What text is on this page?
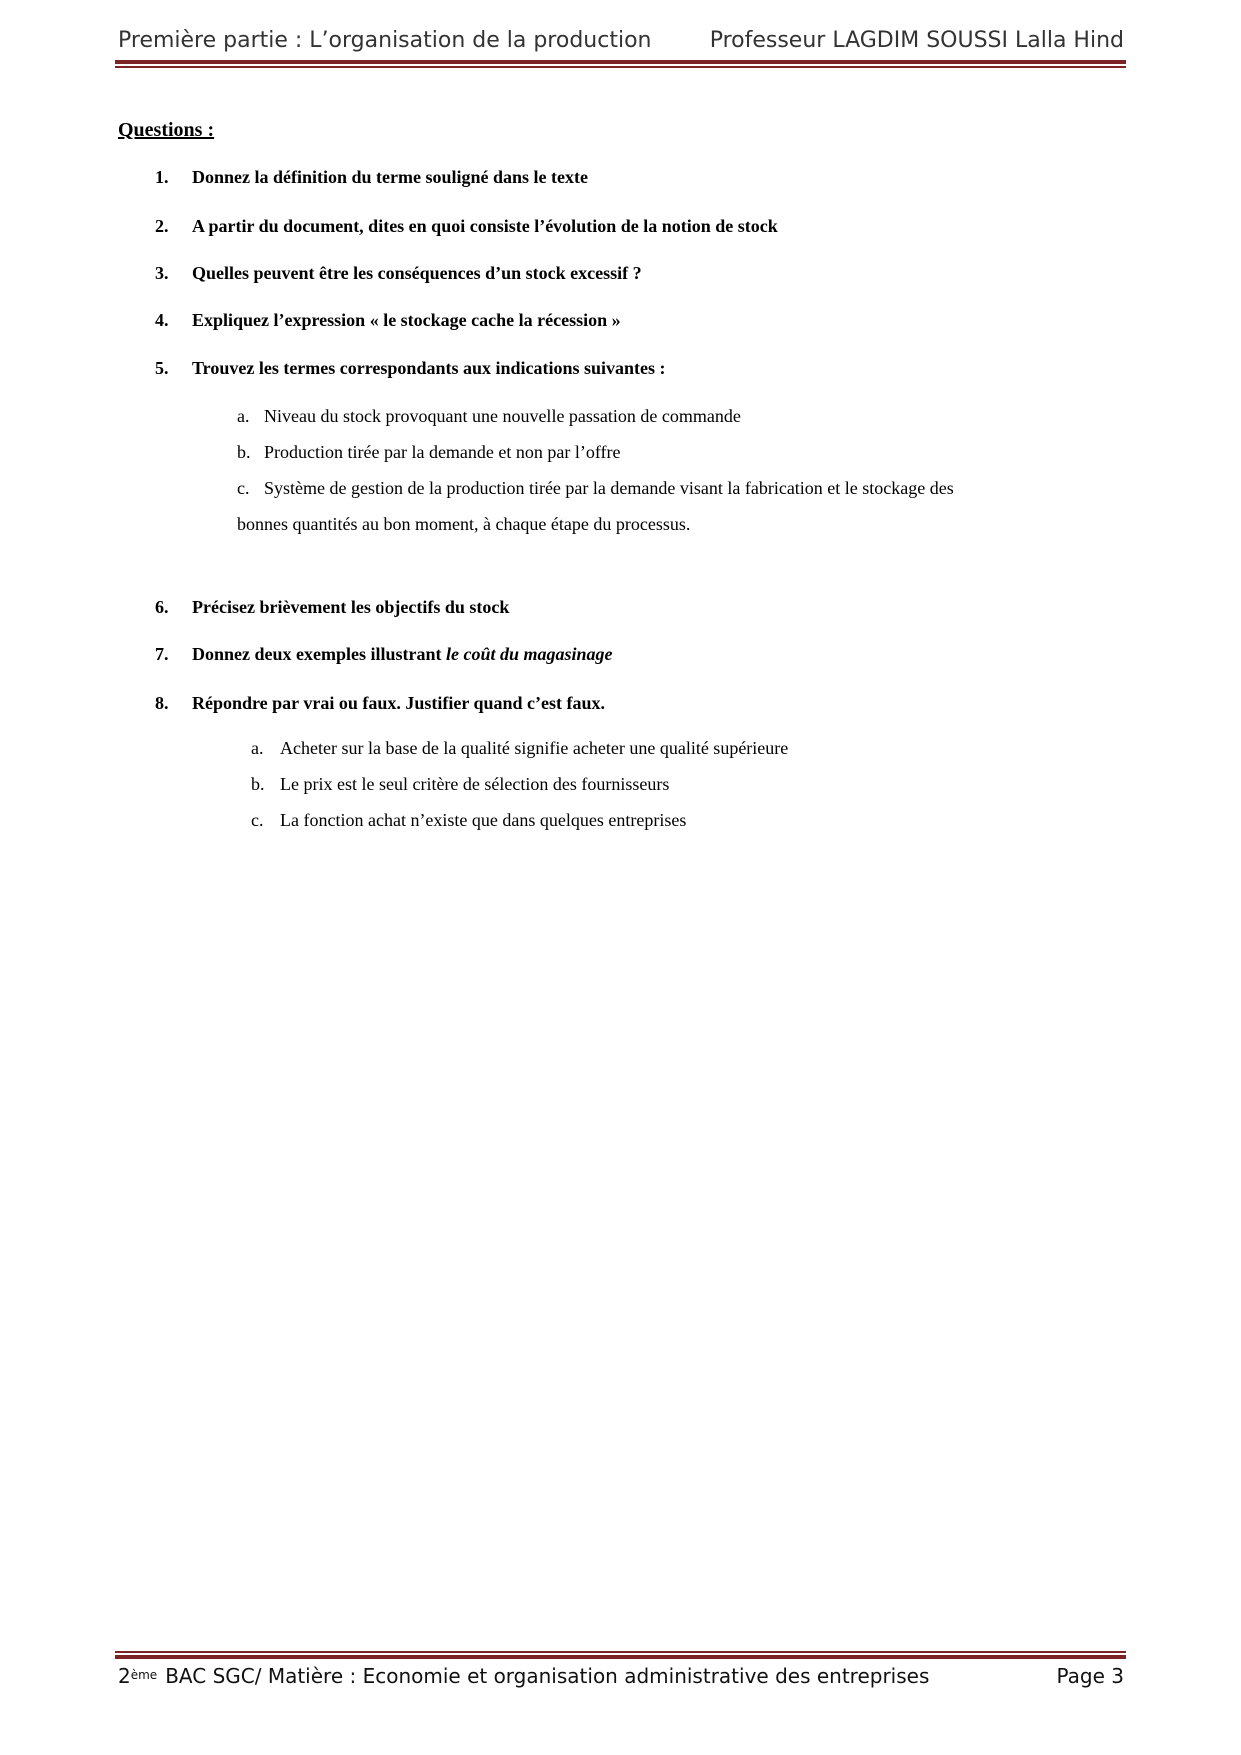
Première partie : L’organisation de la production	Professeur LAGDIM SOUSSI Lalla Hind
Questions :
1. Donnez la définition du terme souligné dans le texte
2. A partir du document, dites en quoi consiste l’évolution de la notion de stock
3. Quelles peuvent être les conséquences d’un stock excessif ?
4. Expliquez l’expression « le stockage cache la récession »
5. Trouvez les termes correspondants aux indications suivantes :
a. Niveau du stock provoquant une nouvelle passation de commande
b. Production tirée par la demande et non par l’offre
c. Système de gestion de la production tirée par la demande visant la fabrication et le stockage des
bonnes quantités au bon moment, à chaque étape du processus.
6. Précisez brièvement les objectifs du stock
7. Donnez deux exemples illustrant le coût du magasinage
8. Répondre par vrai ou faux. Justifier quand c’est faux.
a. Acheter sur la base de la qualité signifie acheter une qualité supérieure
b. Le prix est le seul critère de sélection des fournisseurs
c. La fonction achat n’existe que dans quelques entreprises
2ème BAC SGC/ Matière : Economie et organisation administrative des entreprises	Page 3
